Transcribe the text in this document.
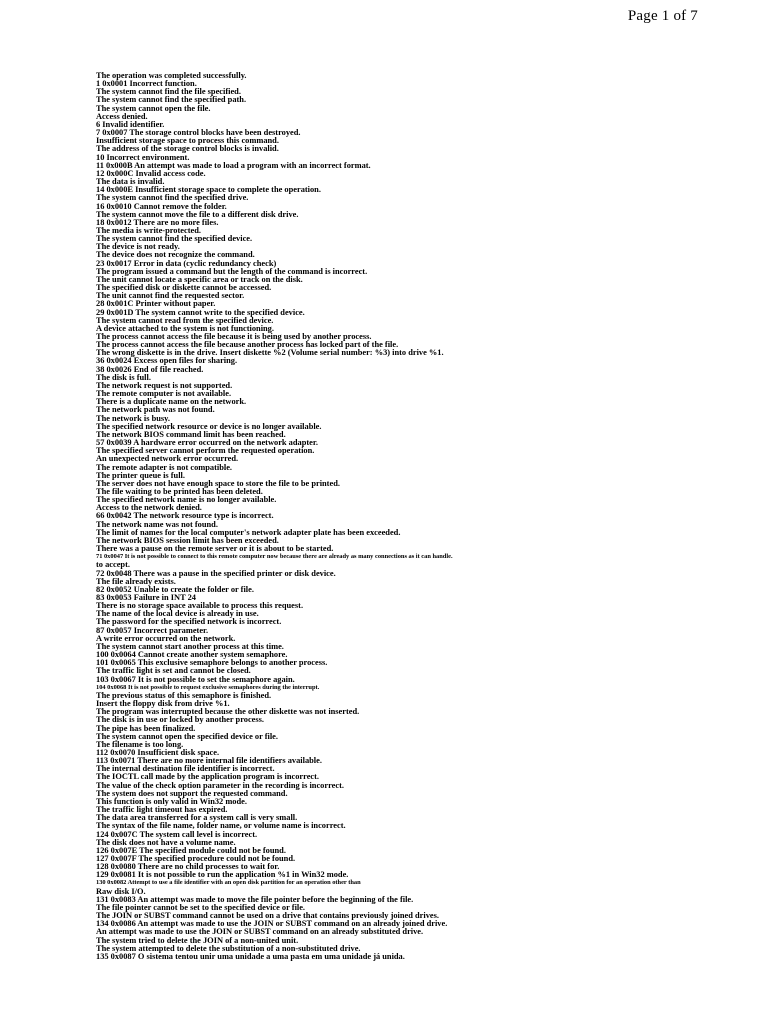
Page 1 of 7
The operation was completed successfully.
1 0x0001 Incorrect function.
The system cannot find the file specified.
The system cannot find the specified path.
The system cannot open the file.
Access denied.
6 Invalid identifier.
7 0x0007 The storage control blocks have been destroyed.
Insufficient storage space to process this command.
The address of the storage control blocks is invalid.
10 Incorrect environment.
11 0x000B An attempt was made to load a program with an incorrect format.
12 0x000C Invalid access code.
The data is invalid.
14 0x000E Insufficient storage space to complete the operation.
The system cannot find the specified drive.
16 0x0010 Cannot remove the folder.
The system cannot move the file to a different disk drive.
18 0x0012 There are no more files.
The media is write-protected.
The system cannot find the specified device.
The device is not ready.
The device does not recognize the command.
23 0x0017 Error in data (cyclic redundancy check)
The program issued a command but the length of the command is incorrect.
The unit cannot locate a specific area or track on the disk.
The specified disk or diskette cannot be accessed.
The unit cannot find the requested sector.
28 0x001C Printer without paper.
29 0x001D The system cannot write to the specified device.
The system cannot read from the specified device.
A device attached to the system is not functioning.
The process cannot access the file because it is being used by another process.
The process cannot access the file because another process has locked part of the file.
The wrong diskette is in the drive. Insert diskette %2 (Volume serial number: %3) into drive %1.
36 0x0024 Excess open files for sharing.
38 0x0026 End of file reached.
The disk is full.
The network request is not supported.
The remote computer is not available.
There is a duplicate name on the network.
The network path was not found.
The network is busy.
The specified network resource or device is no longer available.
The network BIOS command limit has been reached.
57 0x0039 A hardware error occurred on the network adapter.
The specified server cannot perform the requested operation.
An unexpected network error occurred.
The remote adapter is not compatible.
The printer queue is full.
The server does not have enough space to store the file to be printed.
The file waiting to be printed has been deleted.
The specified network name is no longer available.
Access to the network denied.
66 0x0042 The network resource type is incorrect.
The network name was not found.
The limit of names for the local computer's network adapter plate has been exceeded.
The network BIOS session limit has been exceeded.
There was a pause on the remote server or it is about to be started.
71 0x0047 It is not possible to connect to this remote computer now because there are already as many connections as it can handle.
to accept.
72 0x0048 There was a pause in the specified printer or disk device.
The file already exists.
82 0x0052 Unable to create the folder or file.
83 0x0053 Failure in INT 24
There is no storage space available to process this request.
The name of the local device is already in use.
The password for the specified network is incorrect.
87 0x0057 Incorrect parameter.
A write error occurred on the network.
The system cannot start another process at this time.
100 0x0064 Cannot create another system semaphore.
101 0x0065 This exclusive semaphore belongs to another process.
The traffic light is set and cannot be closed.
103 0x0067 It is not possible to set the semaphore again.
104 0x0068 It is not possible to request exclusive semaphores during the interrupt.
The previous status of this semaphore is finished.
Insert the floppy disk from drive %1.
The program was interrupted because the other diskette was not inserted.
The disk is in use or locked by another process.
The pipe has been finalized.
The system cannot open the specified device or file.
The filename is too long.
112 0x0070 Insufficient disk space.
113 0x0071 There are no more internal file identifiers available.
The internal destination file identifier is incorrect.
The IOCTL call made by the application program is incorrect.
The value of the check option parameter in the recording is incorrect.
The system does not support the requested command.
This function is only valid in Win32 mode.
The traffic light timeout has expired.
The data area transferred for a system call is very small.
The syntax of the file name, folder name, or volume name is incorrect.
124 0x007C The system call level is incorrect.
The disk does not have a volume name.
126 0x007E The specified module could not be found.
127 0x007F The specified procedure could not be found.
128 0x0080 There are no child processes to wait for.
129 0x0081 It is not possible to run the application %1 in Win32 mode.
130 0x0082 Attempt to use a file identifier with an open disk partition for an operation other than
Raw disk I/O.
131 0x0083 An attempt was made to move the file pointer before the beginning of the file.
The file pointer cannot be set to the specified device or file.
The JOIN or SUBST command cannot be used on a drive that contains previously joined drives.
134 0x0086 An attempt was made to use the JOIN or SUBST command on an already joined drive.
An attempt was made to use the JOIN or SUBST command on an already substituted drive.
The system tried to delete the JOIN of a non-united unit.
The system attempted to delete the substitution of a non-substituted drive.
135 0x0087 O sistema tentou unir uma unidade a uma pasta em uma unidade já unida.
